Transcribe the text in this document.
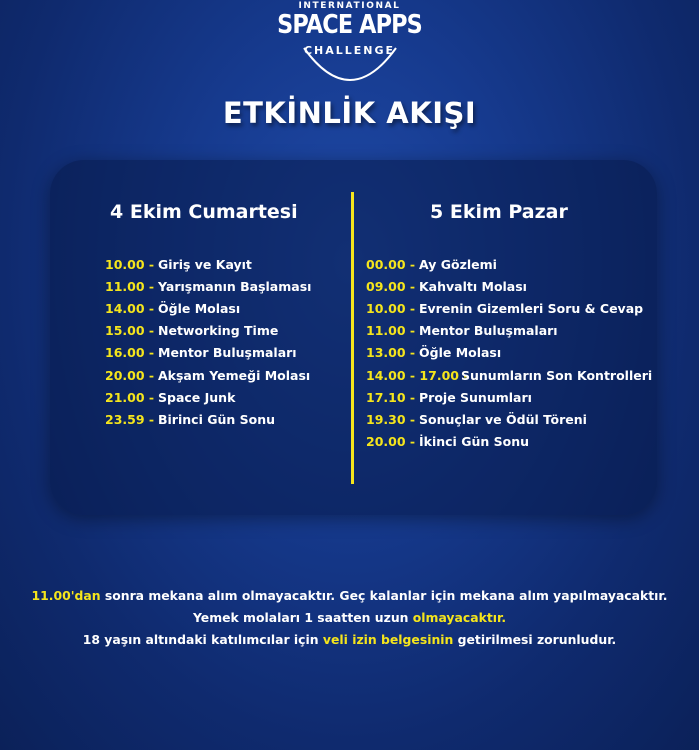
INTERNATIONAL
SPACE APPS
CHALLENGE
ETKİNLİK AKIŞI
4 Ekim Cumartesi
10.00 - Giriş ve Kayıt
11.00 - Yarışmanın Başlaması
14.00 - Öğle Molası
15.00 - Networking Time
16.00 - Mentor Buluşmaları
20.00 - Akşam Yemeği Molası
21.00 - Space Junk
23.59 - Birinci Gün Sonu
5 Ekim Pazar
00.00 - Ay Gözlemi
09.00 - Kahvaltı Molası
10.00 - Evrenin Gizemleri Soru & Cevap
11.00 - Mentor Buluşmaları
13.00 - Öğle Molası
14.00 - 17.00 -
Sunumların Son Kontrolleri
17.10 - Proje Sunumları
19.30 - Sonuçlar ve Ödül Töreni
20.00 - İkinci Gün Sonu
11.00'dan sonra mekana alım olmayacaktır. Geç kalanlar için mekana alım yapılmayacaktır.
Yemek molaları 1 saatten uzun olmayacaktır.
18 yaşın altındaki katılımcılar için veli izin belgesinin getirilmesi zorunludur.
